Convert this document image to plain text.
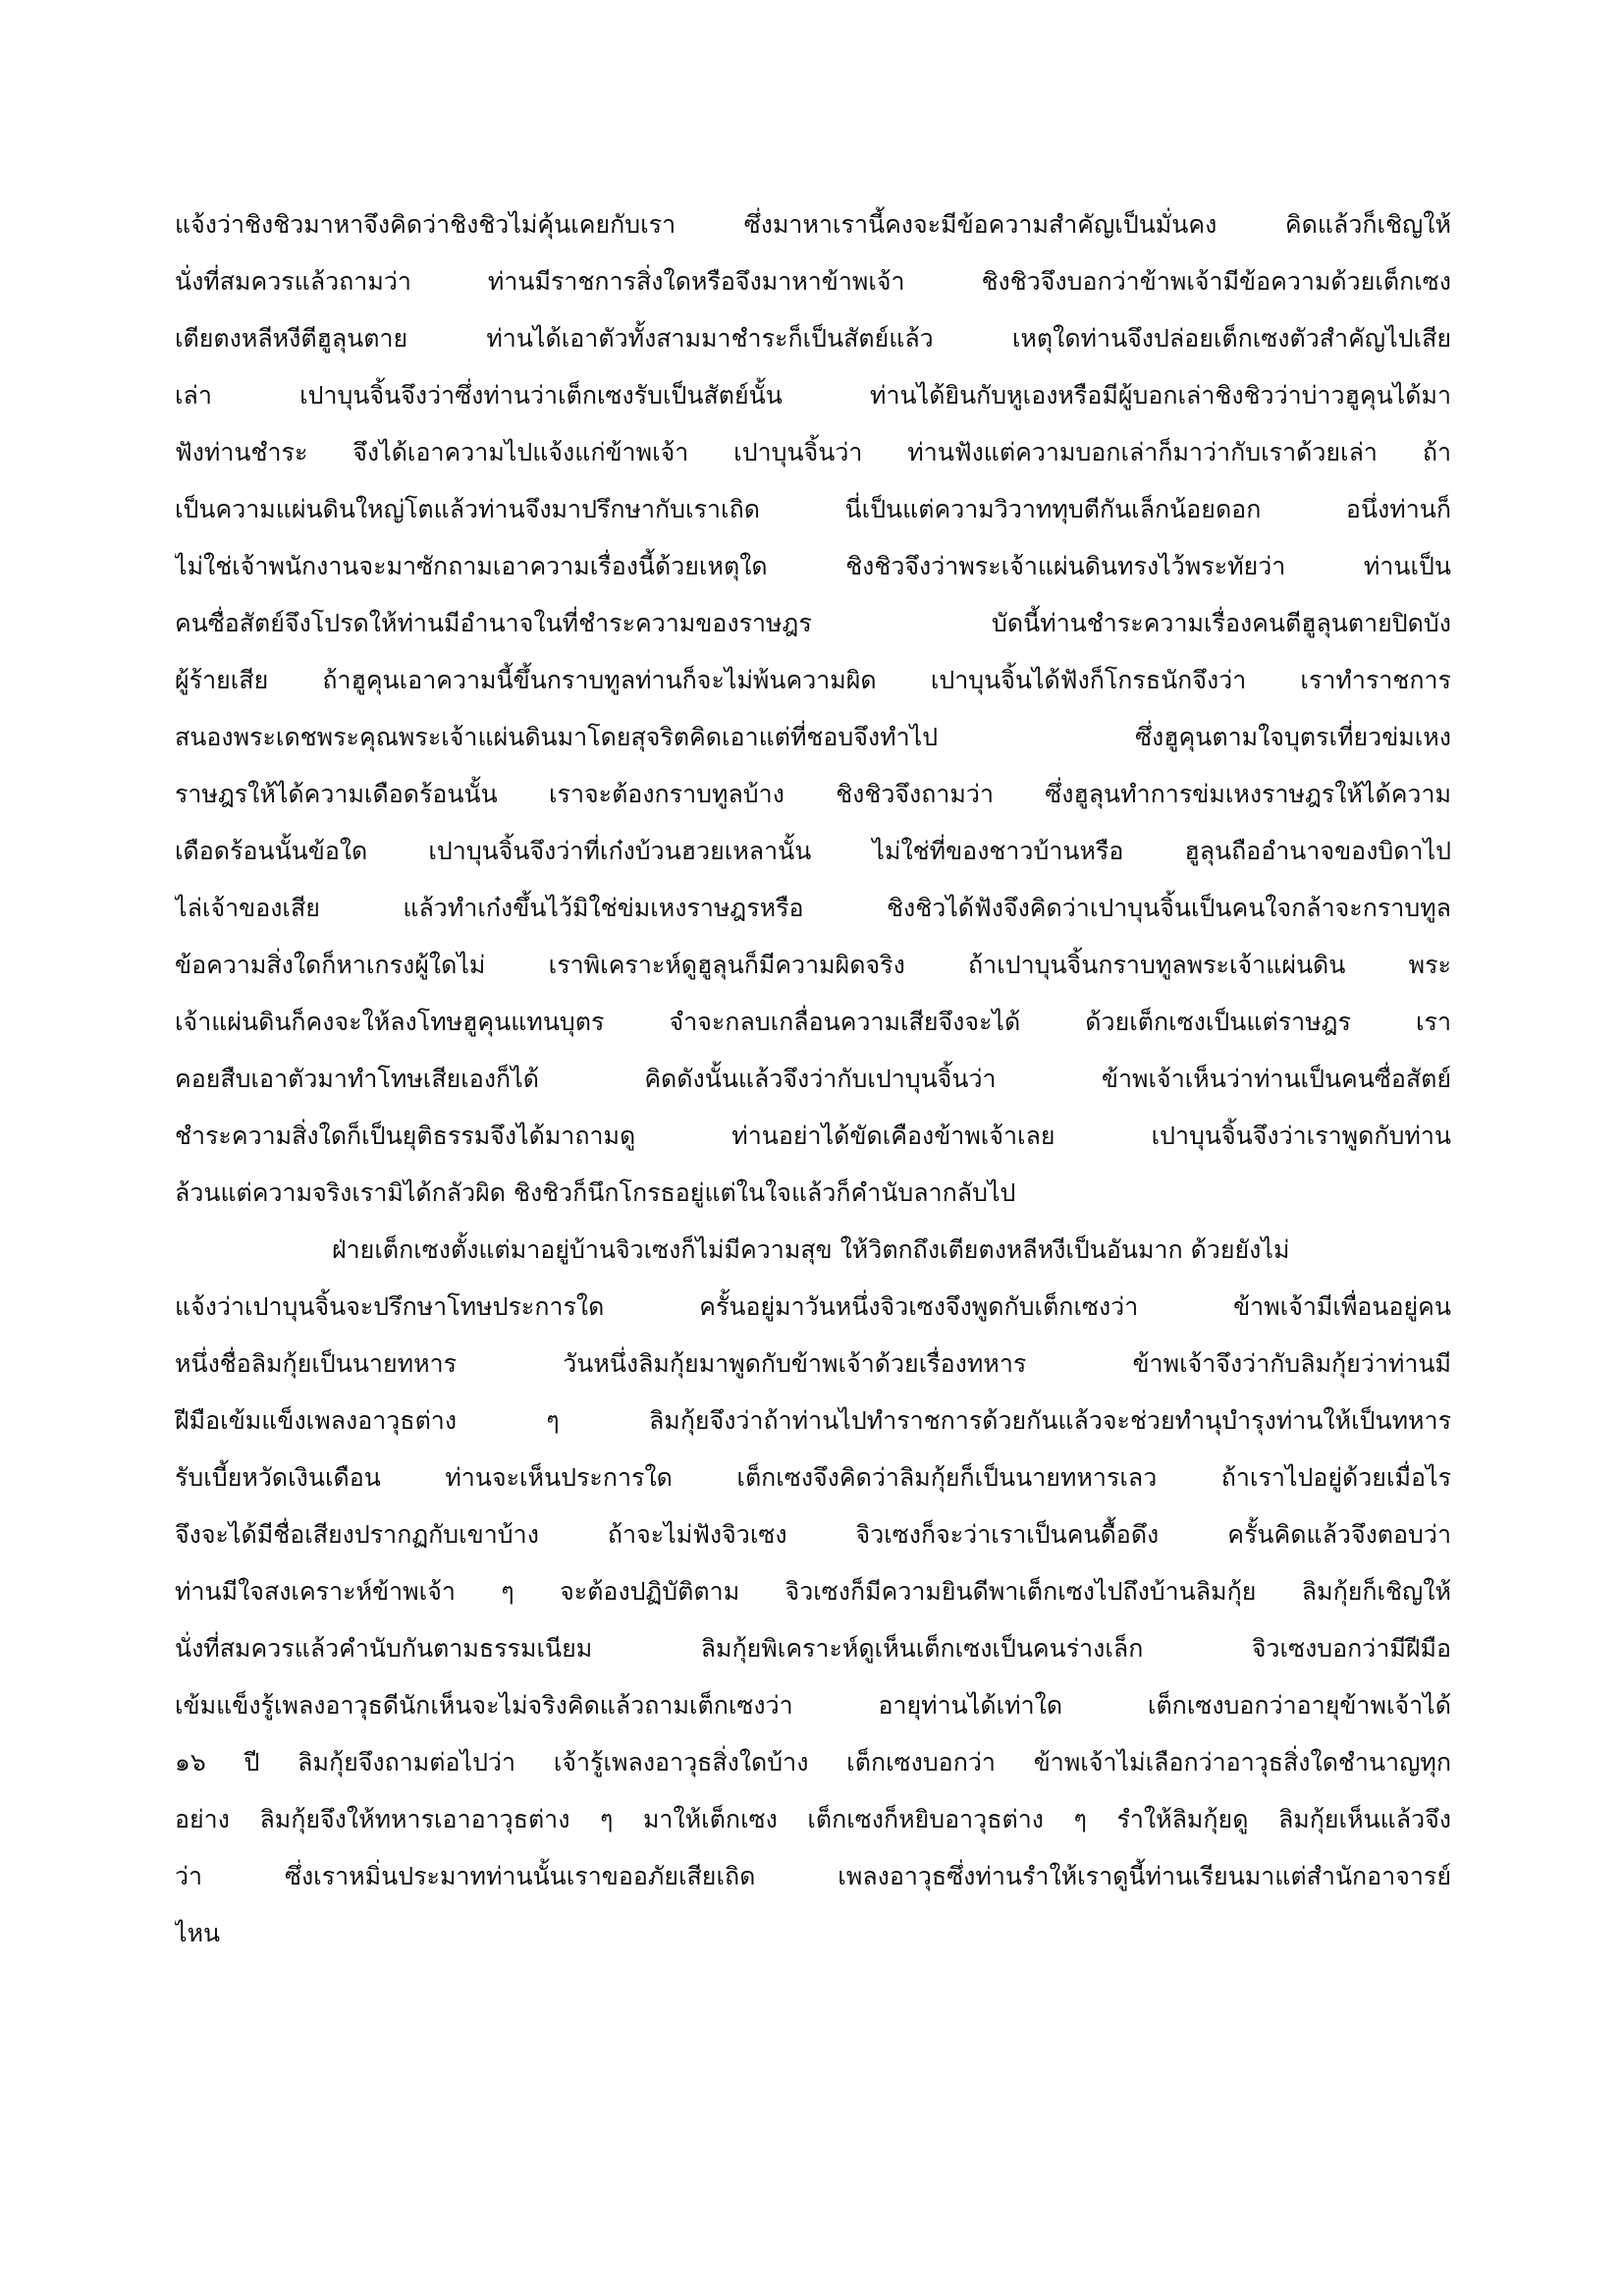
แจ้งว่าชิงชิวมาหาจึงคิดว่าชิงชิวไม่คุ้นเคยกับเรา ซึ่งมาหาเรานี้คงจะมีข้อความสำคัญเป็นมั่นคง คิดแล้วก็เชิญให้
นั่งที่สมควรแล้วถามว่า ท่านมีราชการสิ่งใดหรือจึงมาหาข้าพเจ้า ชิงชิวจึงบอกว่าข้าพเจ้ามีข้อความด้วยเต็กเซง
เตียตงหลีหงีตีฮูลุนตาย ท่านได้เอาตัวทั้งสามมาชำระก็เป็นสัตย์แล้ว เหตุใดท่านจึงปล่อยเต็กเซงตัวสำคัญไปเสีย
เล่า เปาบุนจิ้นจึงว่าซึ่งท่านว่าเต็กเซงรับเป็นสัตย์นั้น ท่านได้ยินกับหูเองหรือมีผู้บอกเล่าชิงชิวว่าบ่าวฮูคุนได้มา
ฟังท่านชำระ จึงได้เอาความไปแจ้งแก่ข้าพเจ้า เปาบุนจิ้นว่า ท่านฟังแต่ความบอกเล่าก็มาว่ากับเราด้วยเล่า ถ้า
เป็นความแผ่นดินใหญ่โตแล้วท่านจึงมาปรึกษากับเราเถิด นี่เป็นแต่ความวิวาททุบตีกันเล็กน้อยดอก อนึ่งท่านก็
ไม่ใช่เจ้าพนักงานจะมาซักถามเอาความเรื่องนี้ด้วยเหตุใด ชิงชิวจึงว่าพระเจ้าแผ่นดินทรงไว้พระทัยว่า ท่านเป็น
คนซื่อสัตย์จึงโปรดให้ท่านมีอำนาจในที่ชำระความของราษฎร บัดนี้ท่านชำระความเรื่องคนตีฮูลุนตายปิดบัง
ผู้ร้ายเสีย ถ้าฮูคุนเอาความนี้ขึ้นกราบทูลท่านก็จะไม่พ้นความผิด เปาบุนจิ้นได้ฟังก็โกรธนักจึงว่า เราทำราชการ
สนองพระเดชพระคุณพระเจ้าแผ่นดินมาโดยสุจริตคิดเอาแต่ที่ชอบจึงทำไป ซึ่งฮูคุนตามใจบุตรเที่ยวข่มเหง
ราษฎรให้ได้ความเดือดร้อนนั้น เราจะต้องกราบทูลบ้าง ชิงชิวจึงถามว่า ซึ่งฮูลุนทำการข่มเหงราษฎรให้ได้ความ
เดือดร้อนนั้นข้อใด เปาบุนจิ้นจึงว่าที่เก๋งบ้วนฮวยเหลานั้น ไม่ใช่ที่ของชาวบ้านหรือ ฮูลุนถืออำนาจของบิดาไป
ไล่เจ้าของเสีย แล้วทำเก๋งขึ้นไว้มิใช่ข่มเหงราษฎรหรือ ชิงชิวได้ฟังจึงคิดว่าเปาบุนจิ้นเป็นคนใจกล้าจะกราบทูล
ข้อความสิ่งใดก็หาเกรงผู้ใดไม่ เราพิเคราะห์ดูฮูลุนก็มีความผิดจริง ถ้าเปาบุนจิ้นกราบทูลพระเจ้าแผ่นดิน พระ
เจ้าแผ่นดินก็คงจะให้ลงโทษฮูคุนแทนบุตร จำจะกลบเกลื่อนความเสียจึงจะได้ ด้วยเต็กเซงเป็นแต่ราษฎร เรา
คอยสืบเอาตัวมาทำโทษเสียเองก็ได้ คิดดังนั้นแล้วจึงว่ากับเปาบุนจิ้นว่า ข้าพเจ้าเห็นว่าท่านเป็นคนซื่อสัตย์
ชำระความสิ่งใดก็เป็นยุติธรรมจึงได้มาถามดู ท่านอย่าได้ขัดเคืองข้าพเจ้าเลย เปาบุนจิ้นจึงว่าเราพูดกับท่าน
ล้วนแต่ความจริงเรามิได้กลัวผิด ชิงชิวก็นึกโกรธอยู่แต่ในใจแล้วก็คำนับลากลับไป
ฝ่ายเต็กเซงตั้งแต่มาอยู่บ้านจิวเซงก็ไม่มีความสุข ให้วิตกถึงเตียตงหลีหงีเป็นอันมาก ด้วยยังไม่
แจ้งว่าเปาบุนจิ้นจะปรึกษาโทษประการใด ครั้นอยู่มาวันหนึ่งจิวเซงจึงพูดกับเต็กเซงว่า ข้าพเจ้ามีเพื่อนอยู่คน
หนึ่งชื่อลิมกุ้ยเป็นนายทหาร วันหนึ่งลิมกุ้ยมาพูดกับข้าพเจ้าด้วยเรื่องทหาร ข้าพเจ้าจึงว่ากับลิมกุ้ยว่าท่านมี
ฝีมือเข้มแข็งเพลงอาวุธต่าง ๆ ลิมกุ้ยจึงว่าถ้าท่านไปทำราชการด้วยกันแล้วจะช่วยทำนุบำรุงท่านให้เป็นทหาร
รับเบี้ยหวัดเงินเดือน ท่านจะเห็นประการใด เต็กเซงจึงคิดว่าลิมกุ้ยก็เป็นนายทหารเลว ถ้าเราไปอยู่ด้วยเมื่อไร
จึงจะได้มีชื่อเสียงปรากฏกับเขาบ้าง ถ้าจะไม่ฟังจิวเซง จิวเซงก็จะว่าเราเป็นคนดื้อดึง ครั้นคิดแล้วจึงตอบว่า
ท่านมีใจสงเคราะห์ข้าพเจ้า ๆ จะต้องปฏิบัติตาม จิวเซงก็มีความยินดีพาเต็กเซงไปถึงบ้านลิมกุ้ย ลิมกุ้ยก็เชิญให้
นั่งที่สมควรแล้วคำนับกันตามธรรมเนียม ลิมกุ้ยพิเคราะห์ดูเห็นเต็กเซงเป็นคนร่างเล็ก จิวเซงบอกว่ามีฝีมือ
เข้มแข็งรู้เพลงอาวุธดีนักเห็นจะไม่จริงคิดแล้วถามเต็กเซงว่า อายุท่านได้เท่าใด เต็กเซงบอกว่าอายุข้าพเจ้าได้
๑๖ ปี ลิมกุ้ยจึงถามต่อไปว่า เจ้ารู้เพลงอาวุธสิ่งใดบ้าง เต็กเซงบอกว่า ข้าพเจ้าไม่เลือกว่าอาวุธสิ่งใดชำนาญทุก
อย่าง ลิมกุ้ยจึงให้ทหารเอาอาวุธต่าง ๆ มาให้เต็กเซง เต็กเซงก็หยิบอาวุธต่าง ๆ รำให้ลิมกุ้ยดู ลิมกุ้ยเห็นแล้วจึง
ว่า ซึ่งเราหมิ่นประมาทท่านนั้นเราขออภัยเสียเถิด เพลงอาวุธซึ่งท่านรำให้เราดูนี้ท่านเรียนมาแต่สำนักอาจารย์
ไหน
